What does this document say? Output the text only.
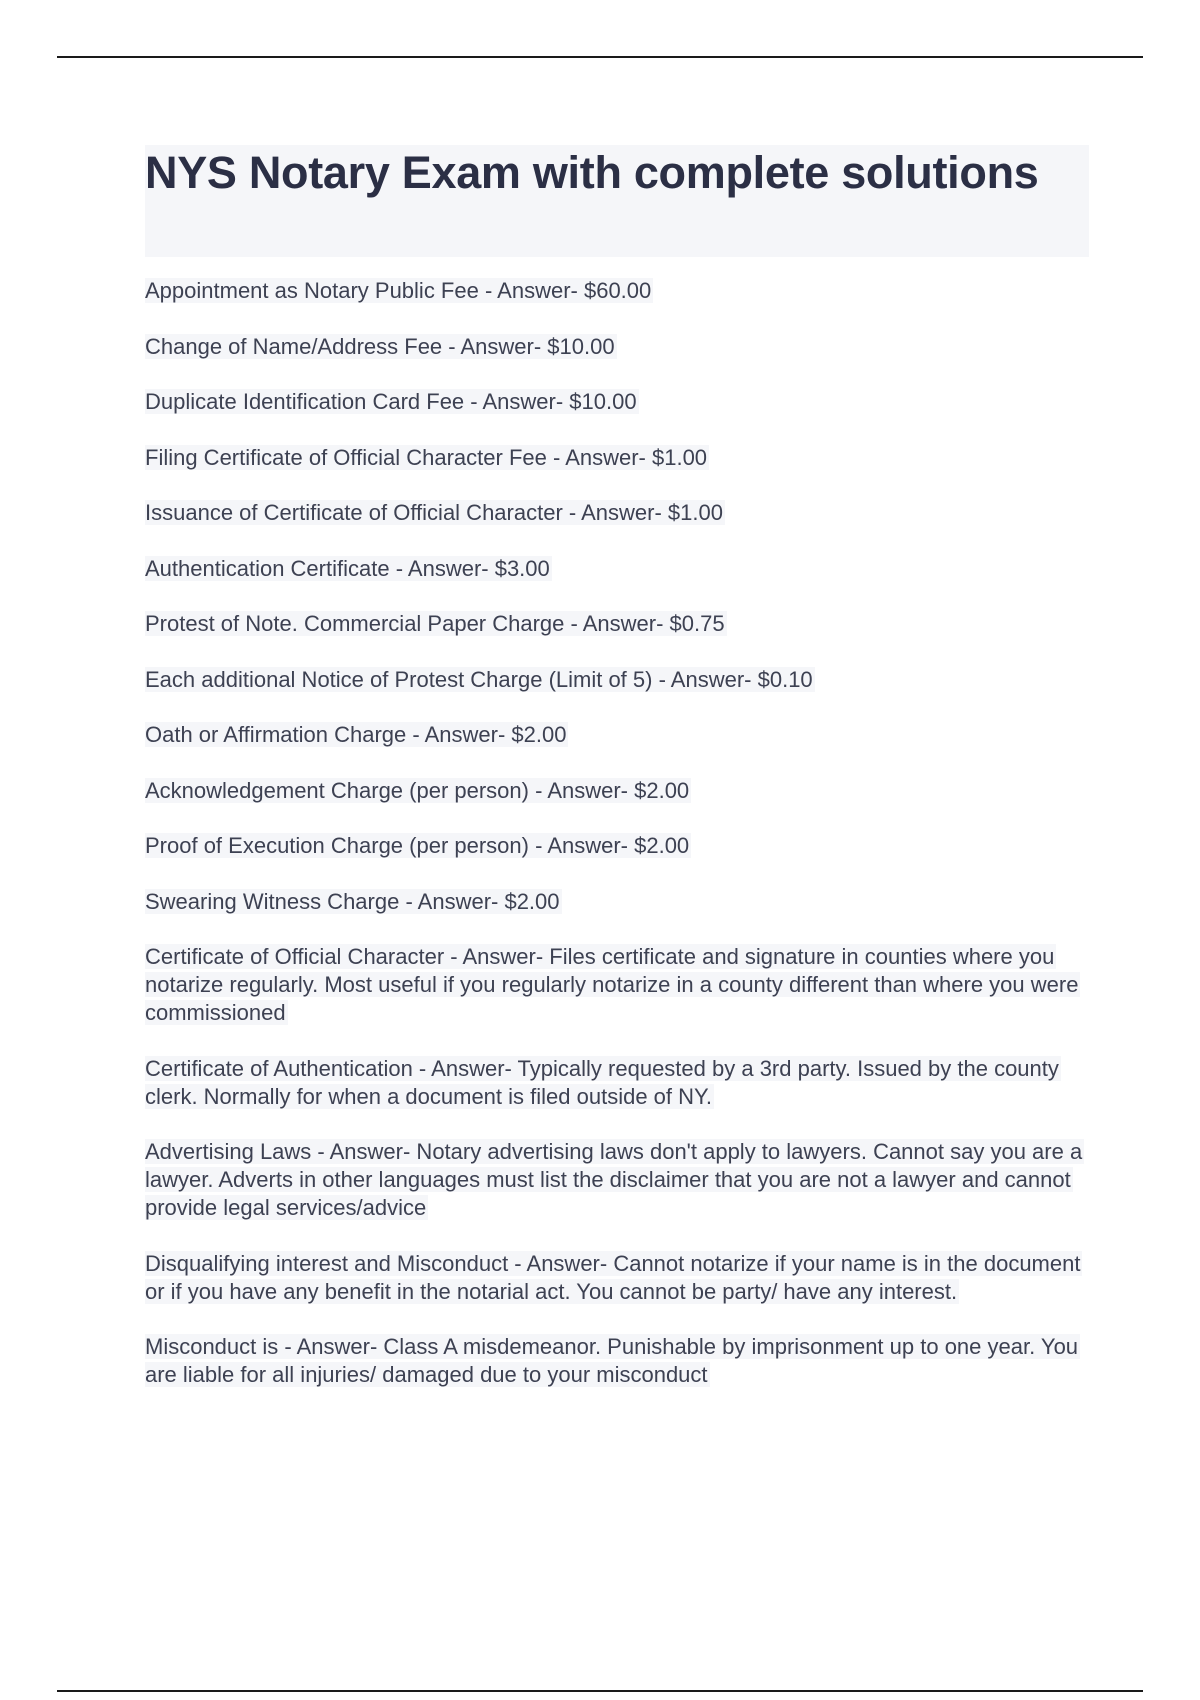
NYS Notary Exam with complete solutions
Appointment as Notary Public Fee - Answer- $60.00
Change of Name/Address Fee - Answer- $10.00
Duplicate Identification Card Fee - Answer- $10.00
Filing Certificate of Official Character Fee - Answer- $1.00
Issuance of Certificate of Official Character - Answer- $1.00
Authentication Certificate - Answer- $3.00
Protest of Note. Commercial Paper Charge - Answer- $0.75
Each additional Notice of Protest Charge (Limit of 5) - Answer- $0.10
Oath or Affirmation Charge - Answer- $2.00
Acknowledgement Charge (per person) - Answer- $2.00
Proof of Execution Charge (per person) - Answer- $2.00
Swearing Witness Charge - Answer- $2.00
Certificate of Official Character - Answer- Files certificate and signature in counties where you notarize regularly. Most useful if you regularly notarize in a county different than where you were commissioned
Certificate of Authentication - Answer- Typically requested by a 3rd party. Issued by the county clerk. Normally for when a document is filed outside of NY.
Advertising Laws - Answer- Notary advertising laws don't apply to lawyers. Cannot say you are a lawyer. Adverts in other languages must list the disclaimer that you are not a lawyer and cannot provide legal services/advice
Disqualifying interest and Misconduct - Answer- Cannot notarize if your name is in the document or if you have any benefit in the notarial act. You cannot be party/ have any interest.
Misconduct is - Answer- Class A misdemeanor. Punishable by imprisonment up to one year. You are liable for all injuries/ damaged due to your misconduct
